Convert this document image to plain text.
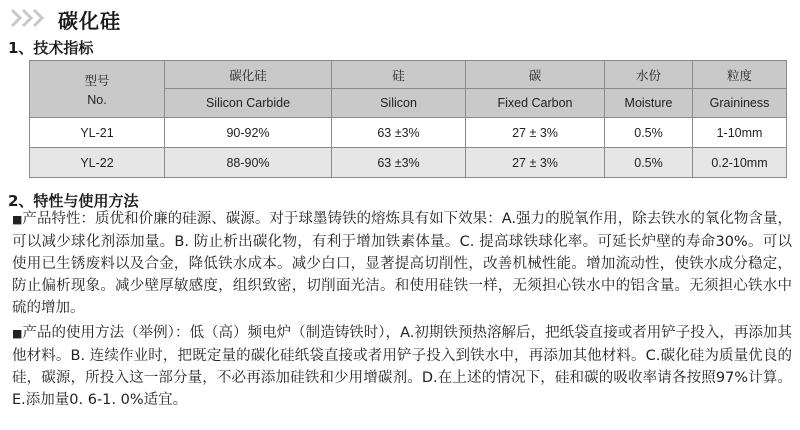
碳化硅
1、技术指标
型号
No.	碳化硅	硅	碳	水份	粒度
	Silicon Carbide	Silicon	Fixed Carbon	Moisture	Graininess
YL-21	90-92%	63 ±3%	27 ± 3%	0.5%	1-10mm
YL-22	88-90%	63 ±3%	27 ± 3%	0.5%	0.2-10mm
2、特性与使用方法
■产品特性：质优和价廉的硅源、碳源。对于球墨铸铁的熔炼具有如下效果：A.强力的脱氧作用，除去铁水的氧化物含量，可以减少球化剂添加量。B. 防止析出碳化物，有利于增加铁素体量。C. 提高球铁球化率。可延长炉壁的寿命30%。可以使用已生锈废料以及合金，降低铁水成本。减少白口，显著提高切削性，改善机械性能。增加流动性，使铁水成分稳定，防止偏析现象。减少壁厚敏感度，组织致密，切削面光洁。和使用硅铁一样，无须担心铁水中的铝含量。无须担心铁水中硫的增加。
■产品的使用方法（举例）：低（高）频电炉（制造铸铁时），A.初期铁预热溶解后，把纸袋直接或者用铲子投入，再添加其他材料。B. 连续作业时，把既定量的碳化硅纸袋直接或者用铲子投入到铁水中，再添加其他材料。C.碳化硅为质量优良的硅，碳源，所投入这一部分量，不必再添加硅铁和少用增碳剂。D.在上述的情况下，硅和碳的吸收率请各按照97%计算。E.添加量0. 6-1. 0%适宜。
